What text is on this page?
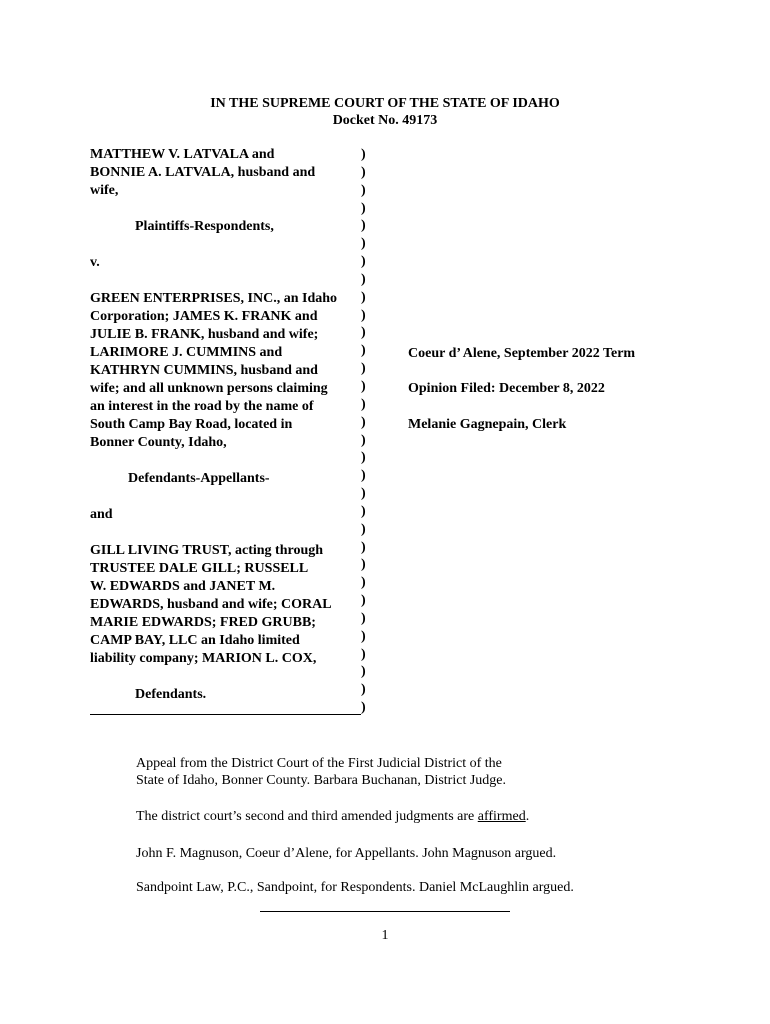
IN THE SUPREME COURT OF THE STATE OF IDAHO
Docket No. 49173
MATTHEW V. LATVALA and
BONNIE A. LATVALA, husband and
wife,
Plaintiffs-Respondents,
v.
GREEN ENTERPRISES, INC., an Idaho
Corporation; JAMES K. FRANK and
JULIE B. FRANK, husband and wife;
LARIMORE J. CUMMINS and
KATHRYN CUMMINS, husband and
wife; and all unknown persons claiming
an interest in the road by the name of
South Camp Bay Road, located in
Bonner County, Idaho,
Defendants-Appellants-
and
GILL LIVING TRUST, acting through
TRUSTEE DALE GILL; RUSSELL
W. EDWARDS and JANET M.
EDWARDS, husband and wife; CORAL
MARIE EDWARDS; FRED GRUBB;
CAMP BAY, LLC an Idaho limited
liability company; MARION L. COX,
Defendants.
)
)
)
)
)
)
)
)
)
)
)
)
)
)
)
)
)
)
)
)
)
)
)
)
)
)
)
)
)
)
)
)
Coeur d’ Alene, September 2022 Term
Opinion Filed: December 8, 2022
Melanie Gagnepain, Clerk
Appeal from the District Court of the First Judicial District of the
State of Idaho, Bonner County. Barbara Buchanan, District Judge.
The district court’s second and third amended judgments are affirmed.
John F. Magnuson, Coeur d’Alene, for Appellants. John Magnuson argued.
Sandpoint Law, P.C., Sandpoint, for Respondents. Daniel McLaughlin argued.
1
